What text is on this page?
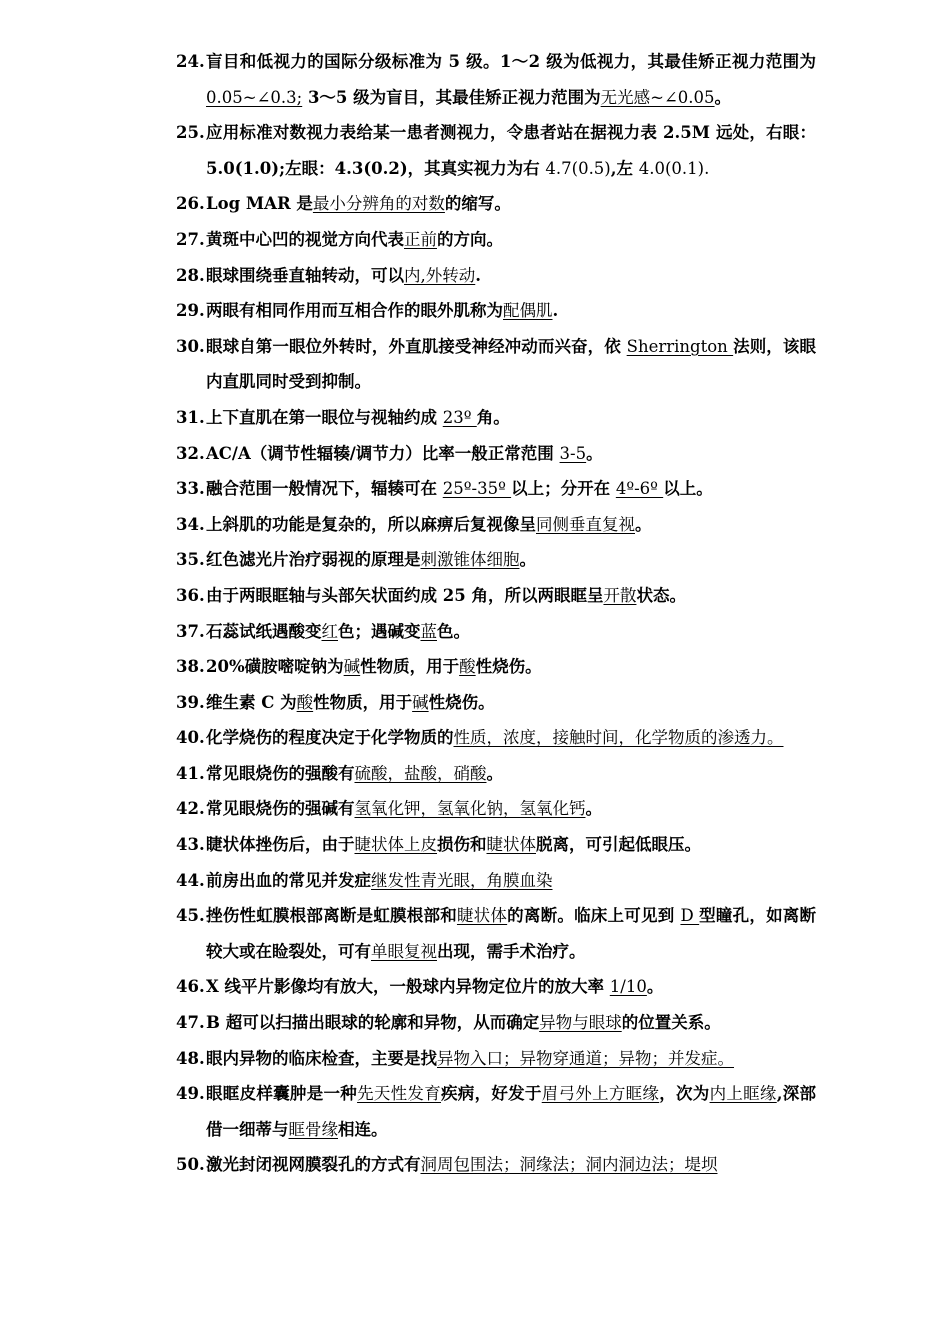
24. 盲目和低视力的国际分级标准为 5 级。1～2 级为低视力，其最佳矫正视力范围为 0.05~∠0.3; 3～5 级为盲目，其最佳矫正视力范围为无光感~∠0.05。
25. 应用标准对数视力表给某一患者测视力，令患者站在据视力表 2.5M 远处，右眼：5.0(1.0);左眼：4.3(0.2)，其真实视力为右 4.7(0.5),左 4.0(0.1).
26. Log MAR 是最小分辨角的对数的缩写。
27. 黄斑中心凹的视觉方向代表正前的方向。
28. 眼球围绕垂直轴转动，可以内,外转动.
29. 两眼有相同作用而互相合作的眼外肌称为配偶肌.
30. 眼球自第一眼位外转时，外直肌接受神经冲动而兴奋，依 Sherrington 法则，该眼内直肌同时受到抑制。
31. 上下直肌在第一眼位与视轴约成 23º 角。
32. AC/A（调节性辐辏/调节力）比率一般正常范围 3-5。
33. 融合范围一般情况下，辐辏可在 25º-35º 以上；分开在 4º-6º 以上。
34. 上斜肌的功能是复杂的，所以麻痹后复视像呈同侧垂直复视。
35. 红色滤光片治疗弱视的原理是刺激锥体细胞。
36. 由于两眼眶轴与头部矢状面约成 25 角，所以两眼眶呈开散状态。
37. 石蕊试纸遇酸变红色；遇碱变蓝色。
38. 20%磺胺嘧啶钠为碱性物质，用于酸性烧伤。
39. 维生素 C 为酸性物质，用于碱性烧伤。
40. 化学烧伤的程度决定于化学物质的性质，浓度，接触时间，化学物质的渗透力。
41. 常见眼烧伤的强酸有硫酸，盐酸，硝酸。
42. 常见眼烧伤的强碱有氢氧化钾，氢氧化钠，氢氧化钙。
43. 睫状体挫伤后，由于睫状体上皮损伤和睫状体脱离，可引起低眼压。
44. 前房出血的常见并发症继发性青光眼，角膜血染
45. 挫伤性虹膜根部离断是虹膜根部和睫状体的离断。临床上可见到 D 型瞳孔，如离断较大或在睑裂处，可有单眼复视出现，需手术治疗。
46. X 线平片影像均有放大，一般球内异物定位片的放大率 1/10。
47. B 超可以扫描出眼球的轮廓和异物，从而确定异物与眼球的位置关系。
48. 眼内异物的临床检查，主要是找异物入口；异物穿通道；异物；并发症。
49. 眼眶皮样囊肿是一种先天性发育疾病，好发于眉弓外上方眶缘，次为内上眶缘,深部借一细蒂与眶骨缘相连。
50. 激光封闭视网膜裂孔的方式有洞周包围法；洞缘法；洞内洞边法；堤坝
